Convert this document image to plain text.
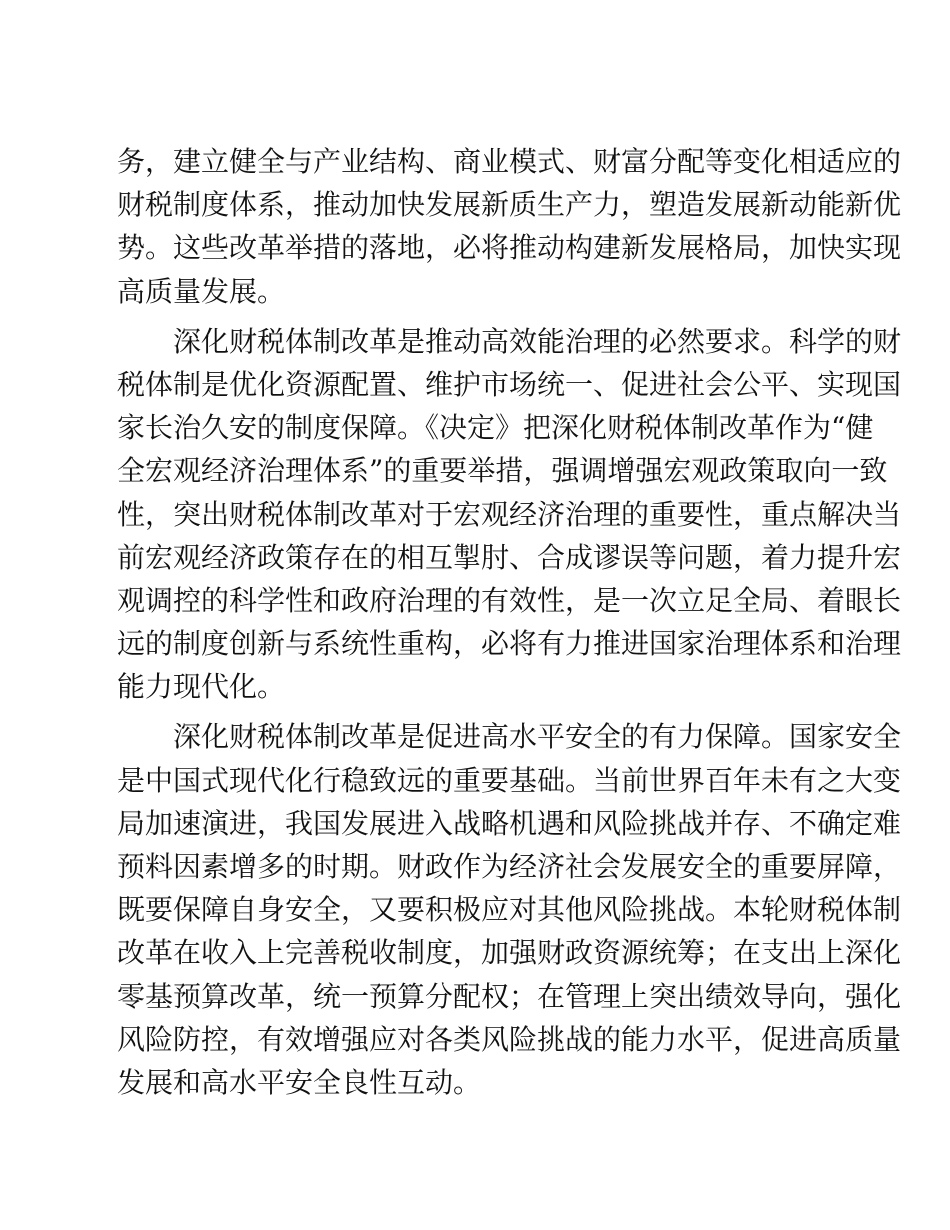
务，建立健全与产业结构、商业模式、财富分配等变化相适应的
财税制度体系，推动加快发展新质生产力，塑造发展新动能新优
势。这些改革举措的落地，必将推动构建新发展格局，加快实现
高质量发展。
深化财税体制改革是推动高效能治理的必然要求。科学的财
税体制是优化资源配置、维护市场统一、促进社会公平、实现国
家长治久安的制度保障。《决定》把深化财税体制改革作为“健
全宏观经济治理体系”的重要举措，强调增强宏观政策取向一致
性，突出财税体制改革对于宏观经济治理的重要性，重点解决当
前宏观经济政策存在的相互掣肘、合成谬误等问题，着力提升宏
观调控的科学性和政府治理的有效性，是一次立足全局、着眼长
远的制度创新与系统性重构，必将有力推进国家治理体系和治理
能力现代化。
深化财税体制改革是促进高水平安全的有力保障。国家安全
是中国式现代化行稳致远的重要基础。当前世界百年未有之大变
局加速演进，我国发展进入战略机遇和风险挑战并存、不确定难
预料因素增多的时期。财政作为经济社会发展安全的重要屏障，
既要保障自身安全，又要积极应对其他风险挑战。本轮财税体制
改革在收入上完善税收制度，加强财政资源统筹；在支出上深化
零基预算改革，统一预算分配权；在管理上突出绩效导向，强化
风险防控，有效增强应对各类风险挑战的能力水平，促进高质量
发展和高水平安全良性互动。
